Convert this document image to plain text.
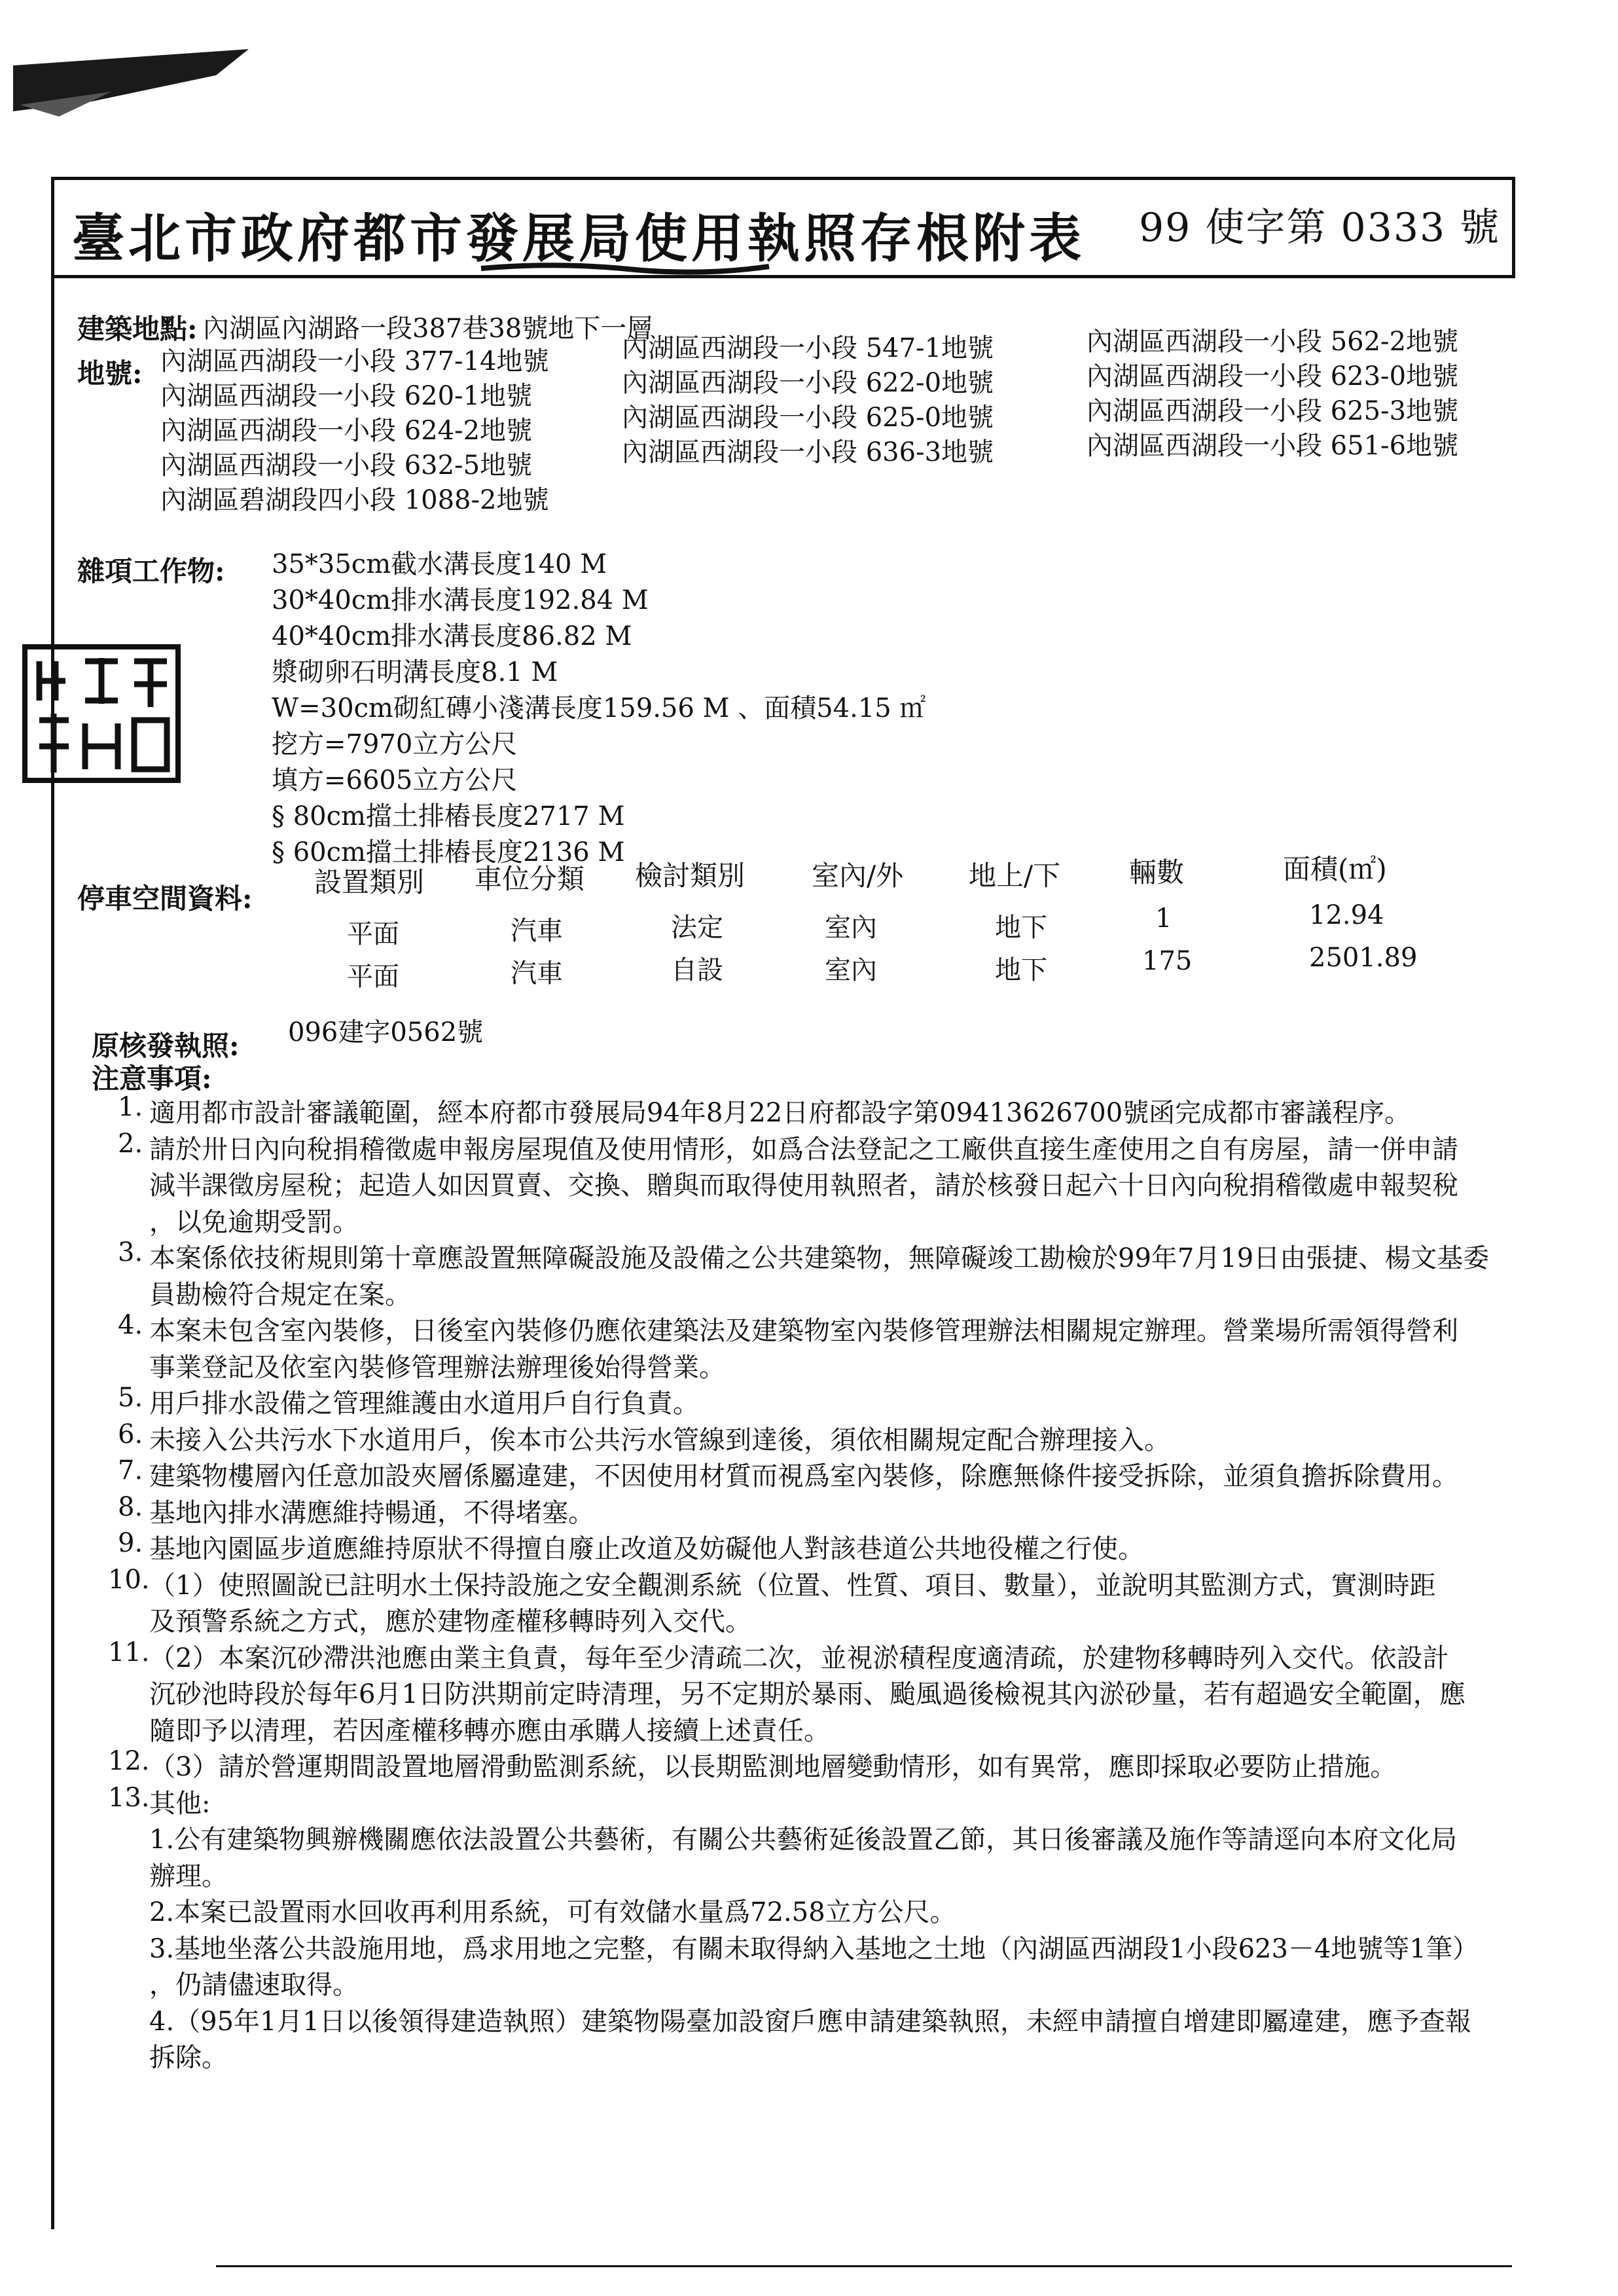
臺北市政府都市發展局使用執照存根附表 99 使字第 0333 號
建築地點: 內湖區內湖路一段387巷38號地下一層
地號: 內湖區西湖段一小段 377-14地號
內湖區西湖段一小段 620-1地號
內湖區西湖段一小段 624-2地號
內湖區西湖段一小段 632-5地號
內湖區碧湖段四小段 1088-2地號
內湖區西湖段一小段 547-1地號
內湖區西湖段一小段 622-0地號
內湖區西湖段一小段 625-0地號
內湖區西湖段一小段 636-3地號
內湖區西湖段一小段 562-2地號
內湖區西湖段一小段 623-0地號
內湖區西湖段一小段 625-3地號
內湖區西湖段一小段 651-6地號
雜項工作物: 35*35cm截水溝長度140 M
30*40cm排水溝長度192.84 M
40*40cm排水溝長度86.82 M
漿砌卵石明溝長度8.1 M
W=30cm砌紅磚小淺溝長度159.56 M 、面積54.15 ㎡
挖方=7970立方公尺
填方=6605立方公尺
§ 80cm擋土排樁長度2717 M
§ 60cm擋土排樁長度2136 M
停車空間資料:
設置類別 車位分類 檢討類別 室內/外 地上/下 輛數	面積(㎡)
平面	汽車	法定	室內	地下	1	12.94
平面	汽車	自設	室內	地下	175	2501.89
原核發執照: 096建字0562號
注意事項:
1. 適用都市設計審議範圍，經本府都市發展局94年8月22日府都設字第09413626700號函完成都市審議程序。
2. 請於卅日內向稅捐稽徵處申報房屋現值及使用情形，如爲合法登記之工廠供直接生產使用之自有房屋，請一併申請
減半課徵房屋稅；起造人如因買賣、交換、贈與而取得使用執照者，請於核發日起六十日內向稅捐稽徵處申報契稅
，以免逾期受罰。
3. 本案係依技術規則第十章應設置無障礙設施及設備之公共建築物，無障礙竣工勘檢於99年7月19日由張捷、楊文基委
員勘檢符合規定在案。
4. 本案未包含室內裝修，日後室內裝修仍應依建築法及建築物室內裝修管理辦法相關規定辦理。營業場所需領得營利
事業登記及依室內裝修管理辦法辦理後始得營業。
5. 用戶排水設備之管理維護由水道用戶自行負責。
6. 未接入公共污水下水道用戶，俟本市公共污水管線到達後，須依相關規定配合辦理接入。
7. 建築物樓層內任意加設夾層係屬違建，不因使用材質而視爲室內裝修，除應無條件接受拆除，並須負擔拆除費用。
8. 基地內排水溝應維持暢通，不得堵塞。
9. 基地內園區步道應維持原狀不得擅自廢止改道及妨礙他人對該巷道公共地役權之行使。
10. （1）使照圖說已註明水土保持設施之安全觀測系統（位置、性質、項目、數量），並說明其監測方式，實測時距
及預警系統之方式，應於建物產權移轉時列入交代。
11. （2）本案沉砂滯洪池應由業主負責，每年至少清疏二次，並視淤積程度適清疏，於建物移轉時列入交代。依設計
沉砂池時段於每年6月1日防洪期前定時清理，另不定期於暴雨、颱風過後檢視其內淤砂量，若有超過安全範圍，應
隨即予以清理，若因產權移轉亦應由承購人接續上述責任。
12. （3）請於營運期間設置地層滑動監測系統，以長期監測地層變動情形，如有異常，應即採取必要防止措施。
13. 其他:
1.公有建築物興辦機關應依法設置公共藝術，有關公共藝術延後設置乙節，其日後審議及施作等請逕向本府文化局
辦理。
2.本案已設置雨水回收再利用系統，可有效儲水量爲72.58立方公尺。
3.基地坐落公共設施用地，爲求用地之完整，有關未取得納入基地之土地（內湖區西湖段1小段623－4地號等1筆）
，仍請儘速取得。
4.（95年1月1日以後領得建造執照）建築物陽臺加設窗戶應申請建築執照，未經申請擅自增建即屬違建，應予查報
拆除。
